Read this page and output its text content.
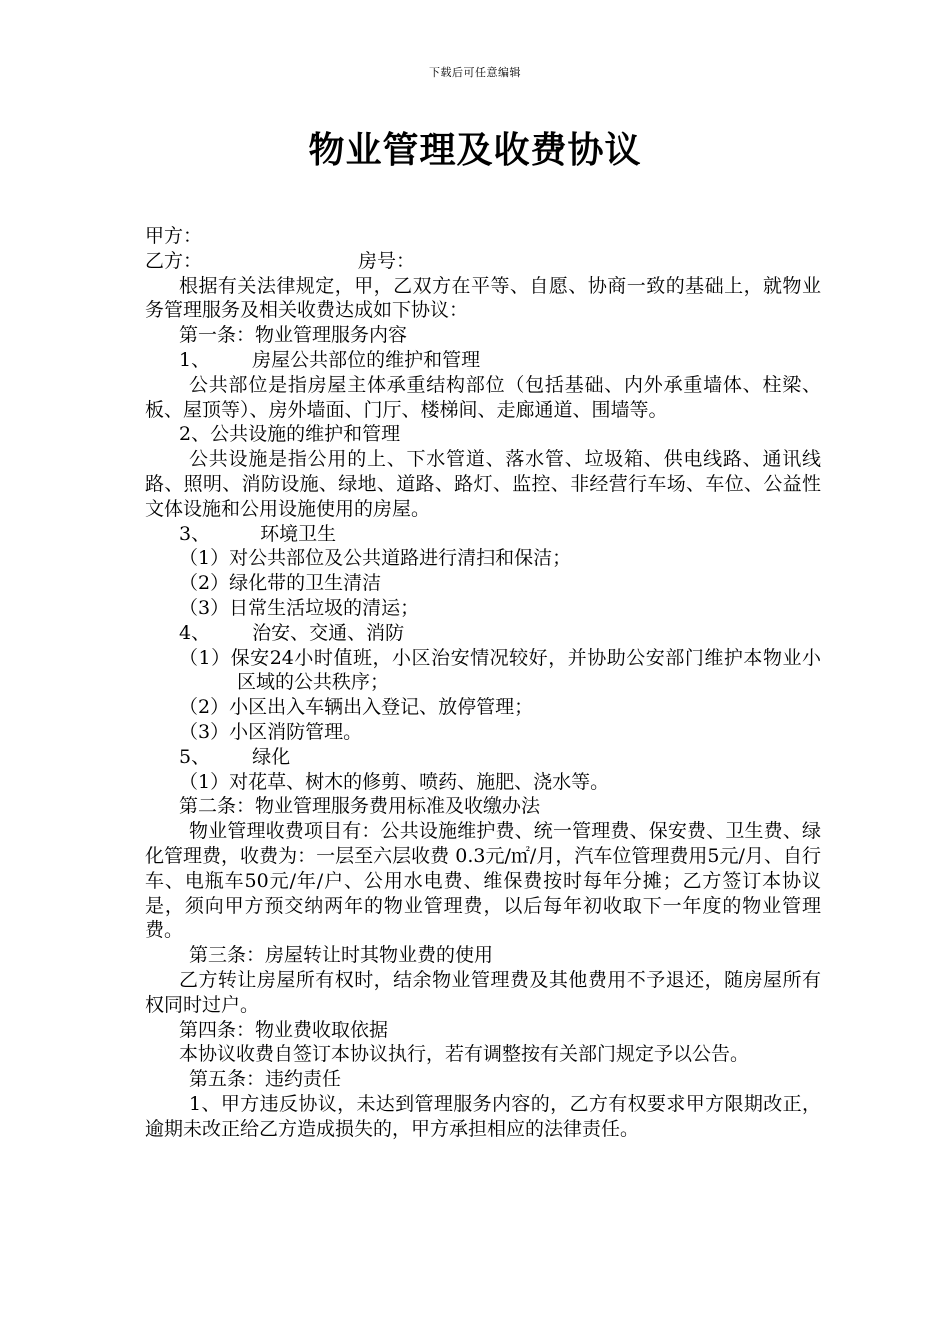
下载后可任意编辑
物业管理及收费协议

甲方：

乙方：	房号：

根据有关法律规定，甲，乙双方在平等、自愿、协商一致的基础上，就物业务管理服务及相关收费达成如下协议：

第一条：物业管理服务内容

1、 房屋公共部位的维护和管理

公共部位是指房屋主体承重结构部位（包括基础、内外承重墙体、柱梁、板、屋顶等）、房外墙面、门厅、楼梯间、走廊通道、围墙等。

2、公共设施的维护和管理

公共设施是指公用的上、下水管道、落水管、垃圾箱、供电线路、通讯线路、照明、消防设施、绿地、道路、路灯、监控、非经营行车场、车位、公益性文体设施和公用设施使用的房屋。

3、	环境卫生

（1）对公共部位及公共道路进行清扫和保洁；

（2）绿化带的卫生清洁

（3）日常生活垃圾的清运；

4、 治安、交通、消防

（1）保安24小时值班，小区治安情况较好，并协助公安部门维护本物业小区域的公共秩序；

（2）小区出入车辆出入登记、放停管理；

（3）小区消防管理。

5、 绿化

（1）对花草、树木的修剪、喷药、施肥、浇水等。

第二条：物业管理服务费用标准及收缴办法

物业管理收费项目有：公共设施维护费、统一管理费、保安费、卫生费、绿化管理费，收费为：一层至六层收费 0.3元/㎡/月，汽车位管理费用5元/月、自行车、电瓶车50元/年/户、公用水电费、维保费按时每年分摊；乙方签订本协议是，须向甲方预交纳两年的物业管理费，以后每年初收取下一年度的物业管理费。

第三条：房屋转让时其物业费的使用

乙方转让房屋所有权时，结余物业管理费及其他费用不予退还，随房屋所有权同时过户。

第四条：物业费收取依据

本协议收费自签订本协议执行，若有调整按有关部门规定予以公告。

第五条：违约责任

1、甲方违反协议，未达到管理服务内容的，乙方有权要求甲方限期改正，逾期未改正给乙方造成损失的，甲方承担相应的法律责任。
